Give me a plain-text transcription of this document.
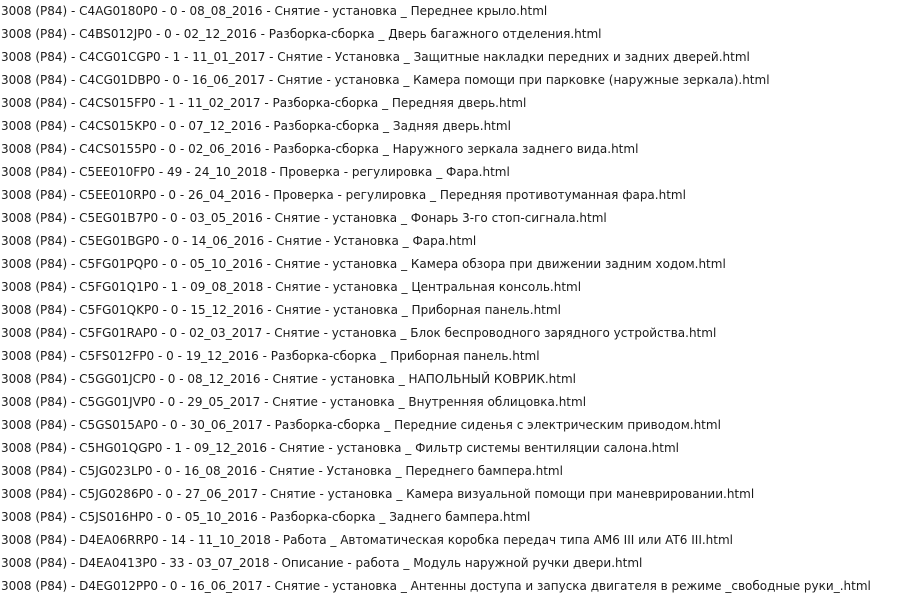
3008 (P84) - C4AG0180P0 - 0 - 08_08_2016 - Снятие - установка _ Переднее крыло.html
3008 (P84) - C4BS012JP0 - 0 - 02_12_2016 - Разборка-сборка _ Дверь багажного отделения.html
3008 (P84) - C4CG01CGP0 - 1 - 11_01_2017 - Снятие - Установка _ Защитные накладки передних и задних дверей.html
3008 (P84) - C4CG01DBP0 - 0 - 16_06_2017 - Снятие - установка _ Камера помощи при парковке (наружные зеркала).html
3008 (P84) - C4CS015FP0 - 1 - 11_02_2017 - Разборка-сборка _ Передняя дверь.html
3008 (P84) - C4CS015KP0 - 0 - 07_12_2016 - Разборка-сборка _ Задняя дверь.html
3008 (P84) - C4CS0155P0 - 0 - 02_06_2016 - Разборка-сборка _ Наружного зеркала заднего вида.html
3008 (P84) - C5EE010FP0 - 49 - 24_10_2018 - Проверка - регулировка _ Фара.html
3008 (P84) - C5EE010RP0 - 0 - 26_04_2016 - Проверка - регулировка _ Передняя противотуманная фара.html
3008 (P84) - C5EG01B7P0 - 0 - 03_05_2016 - Снятие - установка _ Фонарь 3-го стоп-сигнала.html
3008 (P84) - C5EG01BGP0 - 0 - 14_06_2016 - Снятие - Установка _ Фара.html
3008 (P84) - C5FG01PQP0 - 0 - 05_10_2016 - Снятие - установка _ Камера обзора при движении задним ходом.html
3008 (P84) - C5FG01Q1P0 - 1 - 09_08_2018 - Снятие - установка _ Центральная консоль.html
3008 (P84) - C5FG01QKP0 - 0 - 15_12_2016 - Снятие - установка _ Приборная панель.html
3008 (P84) - C5FG01RAP0 - 0 - 02_03_2017 - Снятие - установка _ Блок беспроводного зарядного устройства.html
3008 (P84) - C5FS012FP0 - 0 - 19_12_2016 - Разборка-сборка _ Приборная панель.html
3008 (P84) - C5GG01JCP0 - 0 - 08_12_2016 - Снятие - установка _ НАПОЛЬНЫЙ КОВРИК.html
3008 (P84) - C5GG01JVP0 - 0 - 29_05_2017 - Снятие - установка _ Внутренняя облицовка.html
3008 (P84) - C5GS015AP0 - 0 - 30_06_2017 - Разборка-сборка _ Передние сиденья с электрическим приводом.html
3008 (P84) - C5HG01QGP0 - 1 - 09_12_2016 - Снятие - установка _ Фильтр системы вентиляции салона.html
3008 (P84) - C5JG023LP0 - 0 - 16_08_2016 - Снятие - Установка _ Переднего бампера.html
3008 (P84) - C5JG0286P0 - 0 - 27_06_2017 - Снятие - установка _ Камера визуальной помощи при маневрировании.html
3008 (P84) - C5JS016HP0 - 0 - 05_10_2016 - Разборка-сборка _ Заднего бампера.html
3008 (P84) - D4EA06RRP0 - 14 - 11_10_2018 - Работа _ Автоматическая коробка передач типа AM6 III или AT6 III.html
3008 (P84) - D4EA0413P0 - 33 - 03_07_2018 - Описание - работа _ Модуль наружной ручки двери.html
3008 (P84) - D4EG012PP0 - 0 - 16_06_2017 - Снятие - установка _ Антенны доступа и запуска двигателя в режиме _свободные руки_.html
